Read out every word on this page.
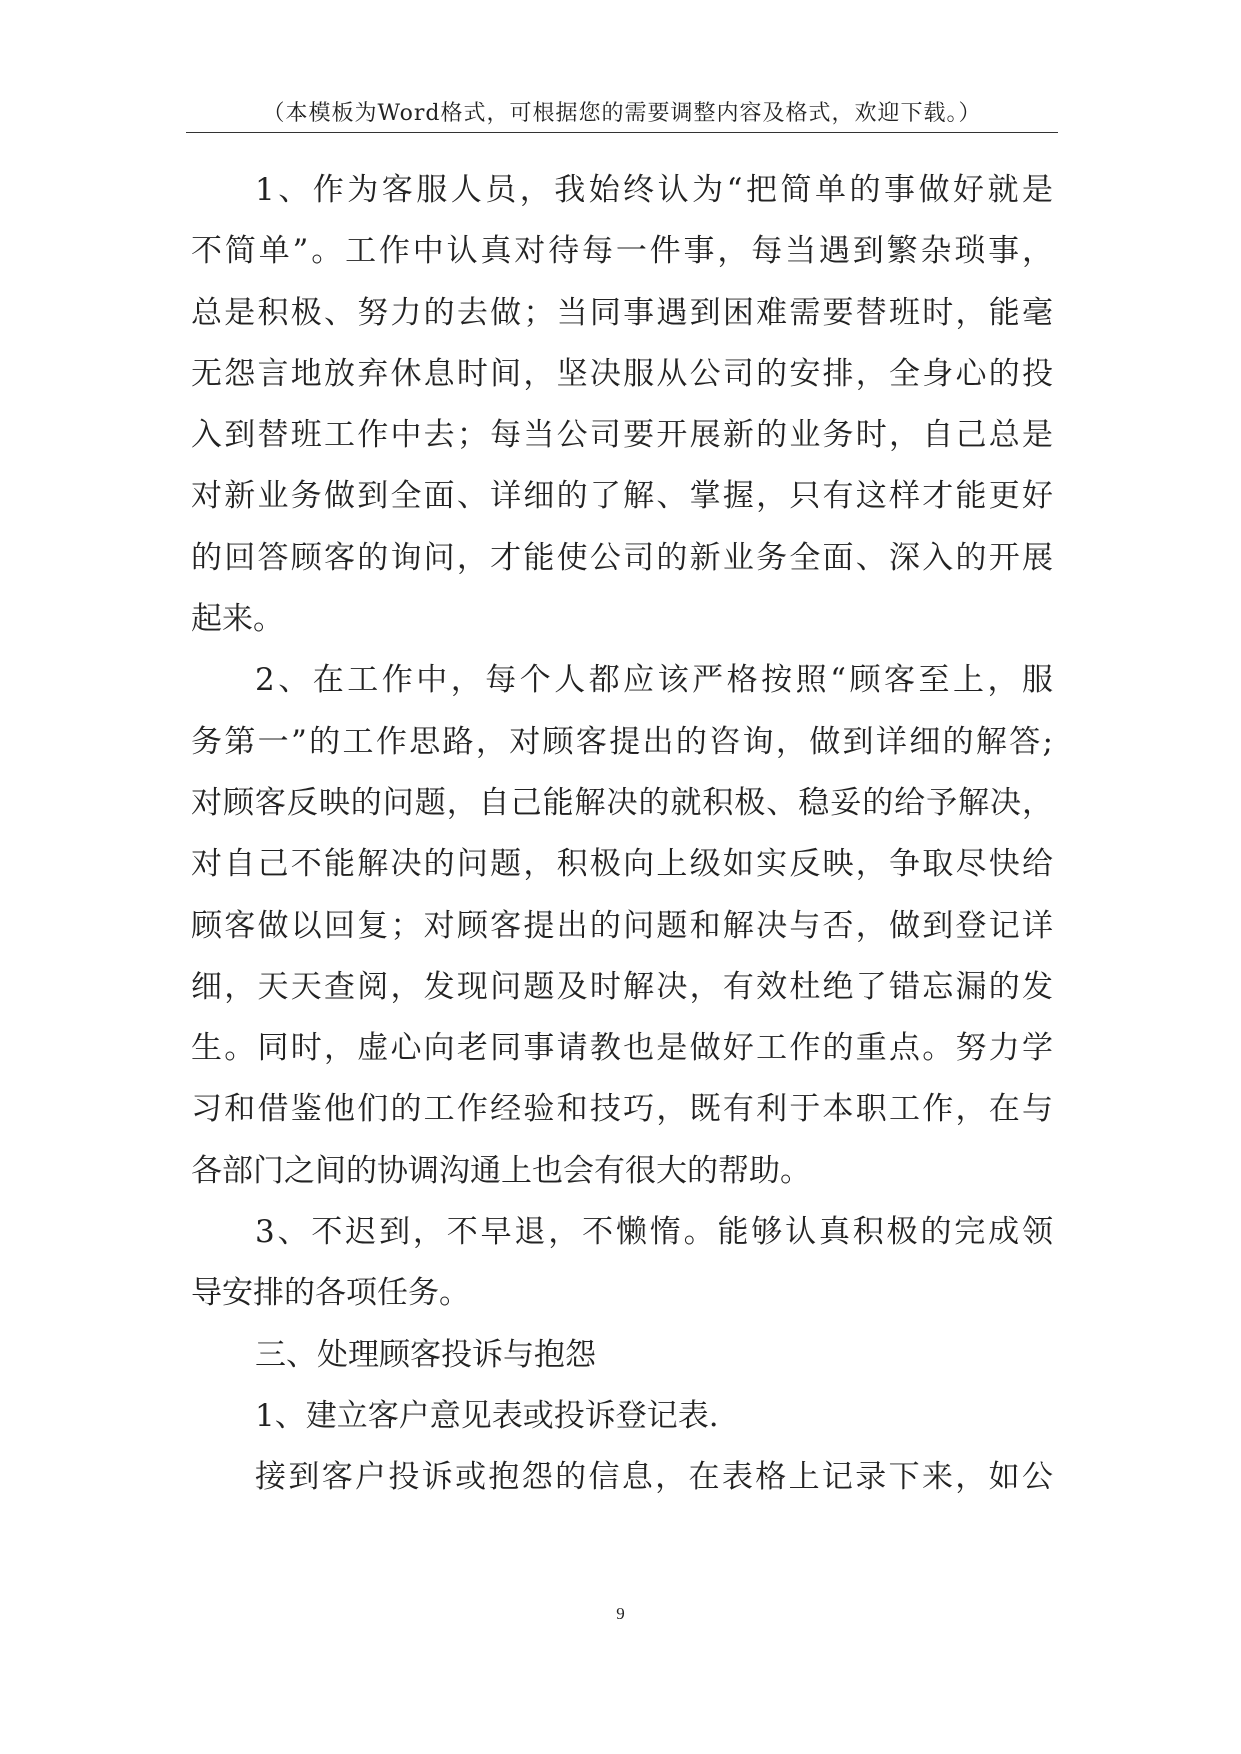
（本模板为Word格式，可根据您的需要调整内容及格式，欢迎下载。）
1、作为客服人员，我始终认为“把简单的事做好就是
不简单”。工作中认真对待每一件事，每当遇到繁杂琐事，
总是积极、努力的去做；当同事遇到困难需要替班时，能毫
无怨言地放弃休息时间，坚决服从公司的安排，全身心的投
入到替班工作中去；每当公司要开展新的业务时，自己总是
对新业务做到全面、详细的了解、掌握，只有这样才能更好
的回答顾客的询问，才能使公司的新业务全面、深入的开展
起来。
2、在工作中，每个人都应该严格按照“顾客至上，服
务第一”的工作思路，对顾客提出的咨询，做到详细的解答;
对顾客反映的问题，自己能解决的就积极、稳妥的给予解决，
对自己不能解决的问题，积极向上级如实反映，争取尽快给
顾客做以回复；对顾客提出的问题和解决与否，做到登记详
细，天天查阅，发现问题及时解决，有效杜绝了错忘漏的发
生。同时，虚心向老同事请教也是做好工作的重点。努力学
习和借鉴他们的工作经验和技巧，既有利于本职工作，在与
各部门之间的协调沟通上也会有很大的帮助。
3、不迟到，不早退，不懒惰。能够认真积极的完成领
导安排的各项任务。
三、处理顾客投诉与抱怨
1、建立客户意见表或投诉登记表.
接到客户投诉或抱怨的信息，在表格上记录下来，如公
9
